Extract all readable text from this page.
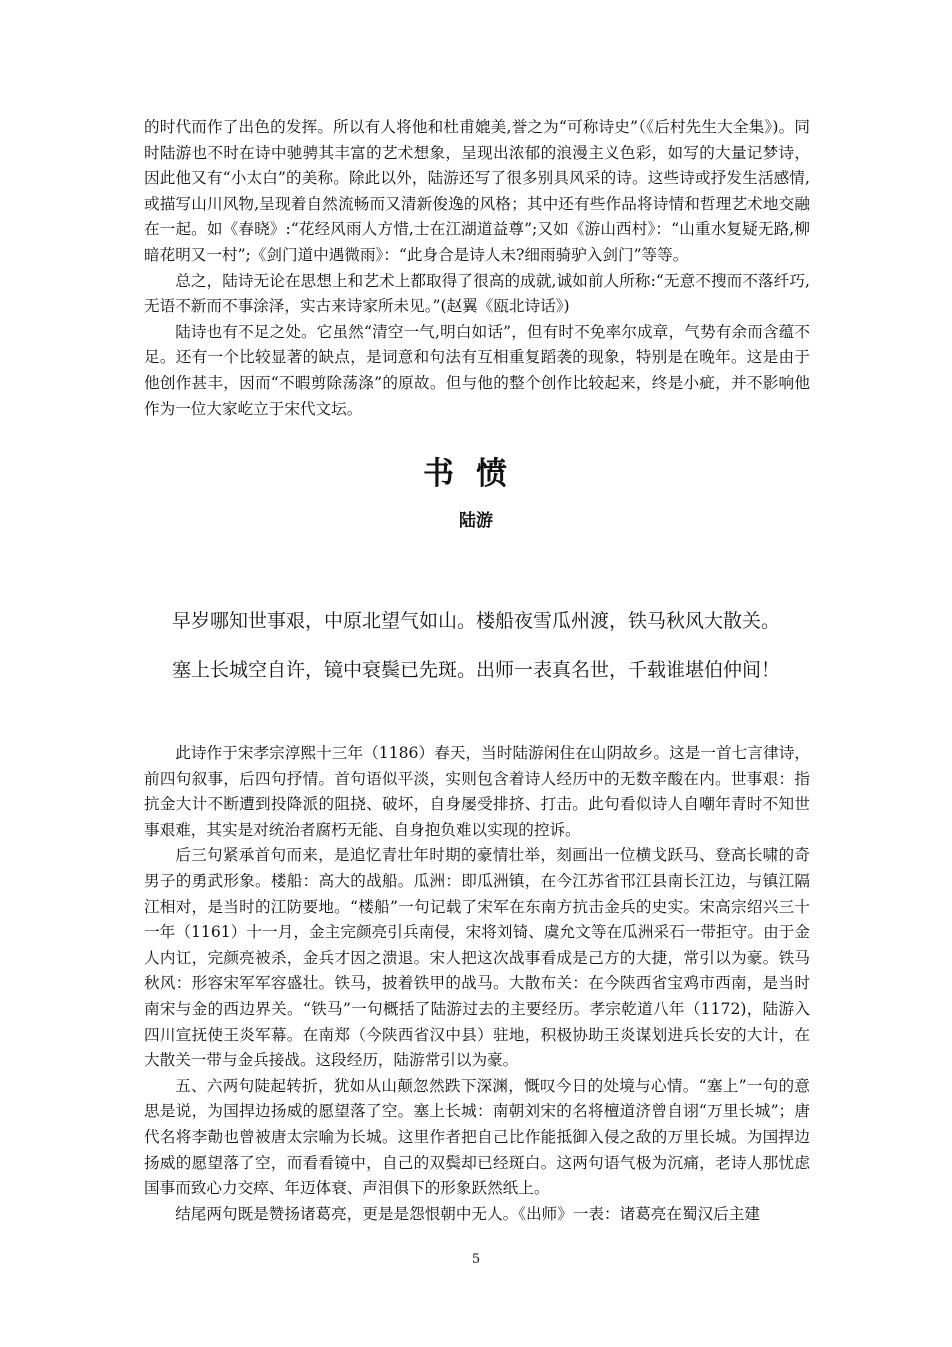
的时代而作了出色的发挥。所以有人将他和杜甫媲美,誉之为“可称诗史”（《后村先生大全集》)。同时陆游也不时在诗中驰骋其丰富的艺术想象，呈现出浓郁的浪漫主义色彩，如写的大量记梦诗，因此他又有“小太白”的美称。除此以外，陆游还写了很多别具风采的诗。这些诗或抒发生活感情,或描写山川风物,呈现着自然流畅而又清新俊逸的风格；其中还有些作品将诗情和哲理艺术地交融在一起。如《春晓》:“花经风雨人方惜,士在江湖道益尊”;又如《游山西村》：“山重水复疑无路,柳暗花明又一村”;《剑门道中遇微雨》：“此身合是诗人未?细雨骑驴入剑门”等等。

总之，陆诗无论在思想上和艺术上都取得了很高的成就,诚如前人所称:“无意不搜而不落纤巧,无语不新而不事涂泽，实古来诗家所未见。”(赵翼《瓯北诗话》)

陆诗也有不足之处。它虽然“清空一气,明白如话”，但有时不免率尔成章，气势有余而含蕴不足。还有一个比较显著的缺点，是词意和句法有互相重复蹈袭的现象，特别是在晚年。这是由于他创作甚丰，因而“不暇剪除荡涤”的原故。但与他的整个创作比较起来，终是小疵，并不影响他作为一位大家屹立于宋代文坛。

书愤
陆游
早岁哪知世事艰，中原北望气如山。楼船夜雪瓜州渡，铁马秋风大散关。
塞上长城空自许，镜中衰鬓已先斑。出师一表真名世，千载谁堪伯仲间！

此诗作于宋孝宗淳熙十三年（1186）春天，当时陆游闲住在山阴故乡。这是一首七言律诗，前四句叙事，后四句抒情。首句语似平淡，实则包含着诗人经历中的无数辛酸在内。世事艰：指抗金大计不断遭到投降派的阻挠、破坏，自身屡受排挤、打击。此句看似诗人自嘲年青时不知世事艰难，其实是对统治者腐朽无能、自身抱负难以实现的控诉。

后三句紧承首句而来，是追忆青壮年时期的豪情壮举，刻画出一位横戈跃马、登高长啸的奇男子的勇武形象。楼船：高大的战船。瓜洲：即瓜洲镇，在今江苏省邗江县南长江边，与镇江隔江相对，是当时的江防要地。“楼船”一句记载了宋军在东南方抗击金兵的史实。宋高宗绍兴三十一年（1161）十一月，金主完颜亮引兵南侵，宋将刘锜、虞允文等在瓜洲采石一带拒守。由于金人内讧，完颜亮被杀，金兵才因之溃退。宋人把这次战事看成是己方的大捷，常引以为豪。铁马秋风：形容宋军军容盛壮。铁马，披着铁甲的战马。大散布关：在今陕西省宝鸡市西南，是当时南宋与金的西边界关。“铁马”一句概括了陆游过去的主要经历。孝宗乾道八年（1172)，陆游入四川宣抚使王炎军幕。在南郑（今陕西省汉中县）驻地，积极协助王炎谋划进兵长安的大计，在大散关一带与金兵接战。这段经历，陆游常引以为豪。

五、六两句陡起转折，犹如从山颠忽然跌下深渊，慨叹今日的处境与心情。“塞上”一句的意思是说，为国捍边扬威的愿望落了空。塞上长城：南朝刘宋的名将檀道济曾自诩“万里长城”；唐代名将李勣也曾被唐太宗喻为长城。这里作者把自己比作能抵御入侵之敌的万里长城。为国捍边扬威的愿望落了空，而看看镜中，自己的双鬓却已经斑白。这两句语气极为沉痛，老诗人那忧虑国事而致心力交瘁、年迈体衰、声泪俱下的形象跃然纸上。

结尾两句既是赞扬诸葛亮，更是是怨恨朝中无人。《出师》一表：诸葛亮在蜀汉后主建

5
